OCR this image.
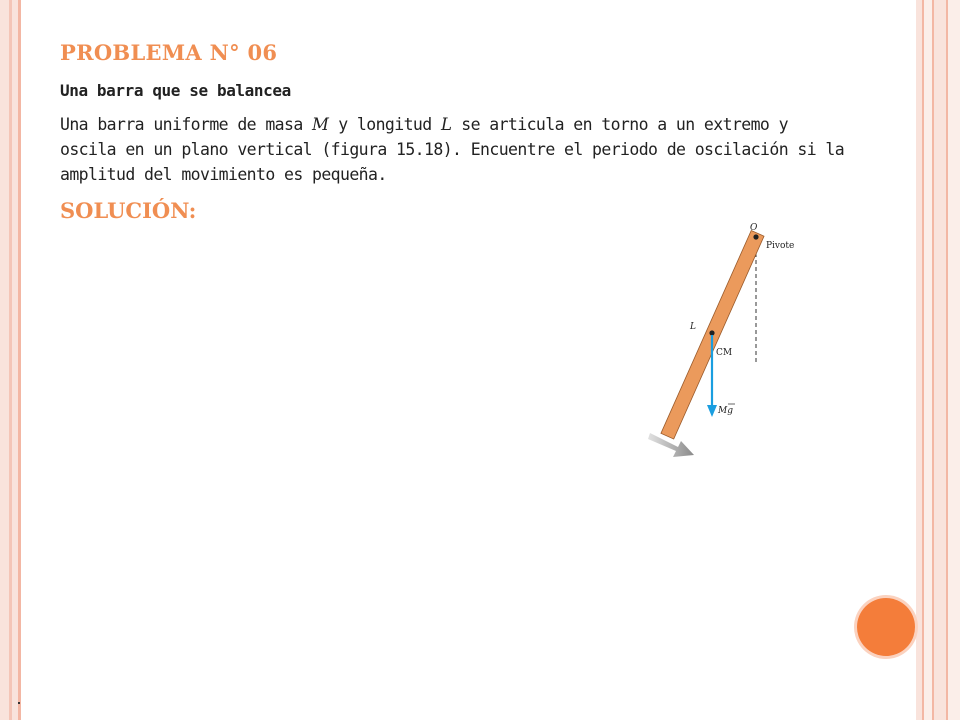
PROBLEMA N° 06

Una barra que se balancea

Una barra uniforme de masa M y longitud L se articula en torno a un extremo y oscila en un plano vertical (figura 15.18). Encuentre el periodo de oscilación si la amplitud del movimiento es pequeña.

SOLUCIÓN:
O
Pivote
L
CM
Mg
